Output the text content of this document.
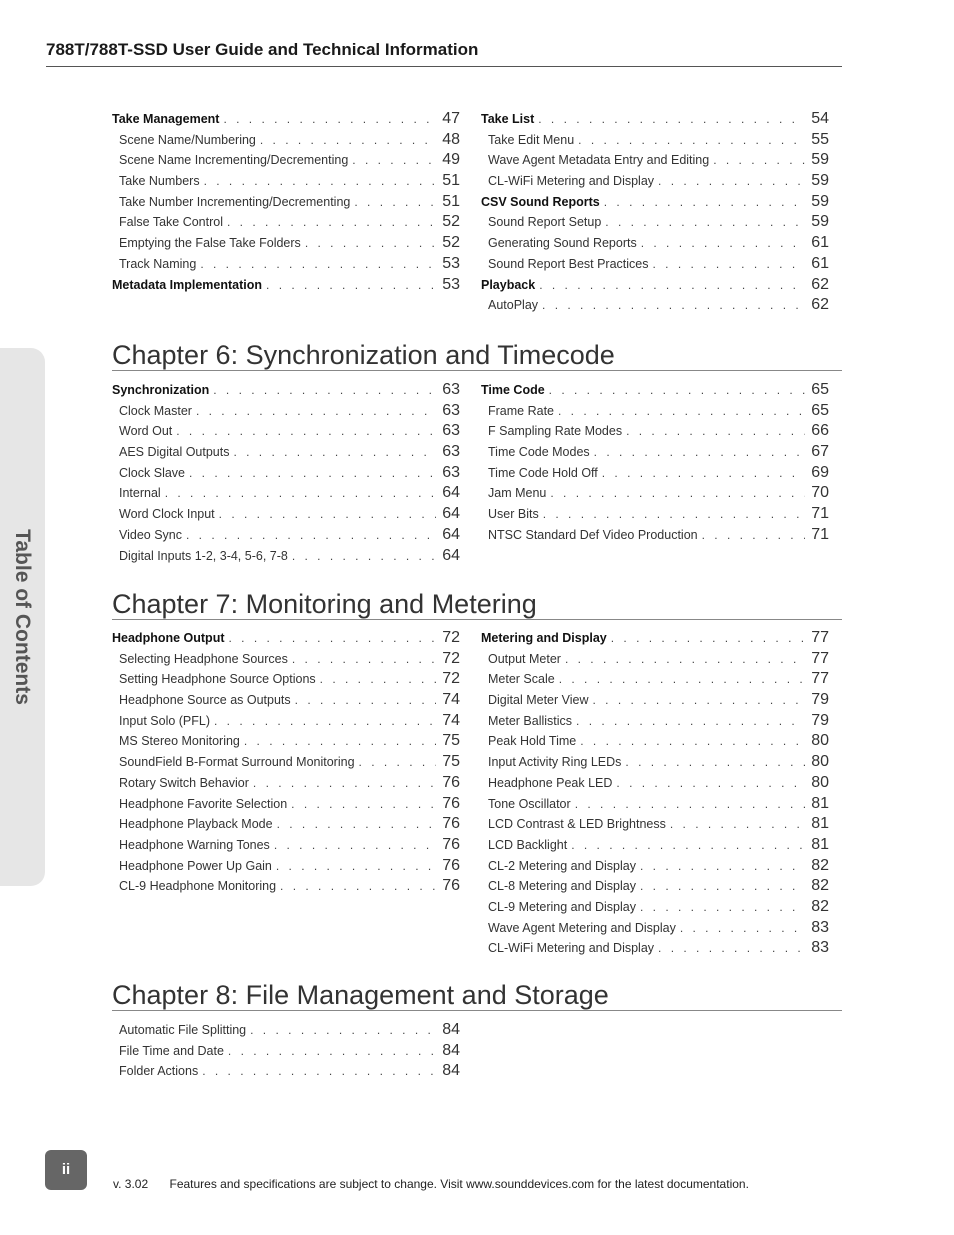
788T/788T-SSD User Guide and Technical Information
Table of Contents
Take Management . . .	47
Scene Name/Numbering . . .	48
Scene Name Incrementing/Decrementing . . .	49
Take Numbers . . .	51
Take Number Incrementing/Decrementing . . .	51
False Take Control . . .	52
Emptying the False Take Folders . . .	52
Track Naming . . .	53
Metadata Implementation . . .	53
Take List . . .	54
Take Edit Menu . . .	55
Wave Agent Metadata Entry and Editing . . .	59
CL-WiFi Metering and Display . . .	59
CSV Sound Reports . . .	59
Sound Report Setup . . .	59
Generating Sound Reports . . .	61
Sound Report Best Practices . . .	61
Playback . . .	62
AutoPlay . . .	62
Chapter 6: Synchronization and Timecode
Synchronization . . .	63
Clock Master . . .	63
Word Out . . .	63
AES Digital Outputs . . .	63
Clock Slave . . .	63
Internal . . .	64
Word Clock Input . . .	64
Video Sync . . .	64
Digital Inputs 1-2, 3-4, 5-6, 7-8 . . .	64
Time Code . . .	65
Frame Rate . . .	65
F Sampling Rate Modes . . .	66
Time Code Modes . . .	67
Time Code Hold Off . . .	69
Jam Menu . . .	70
User Bits . . .	71
NTSC Standard Def Video Production . . .	71
Chapter 7: Monitoring and Metering
Headphone Output . . .	72
Selecting Headphone Sources . . .	72
Setting Headphone Source Options . . .	72
Headphone Source as Outputs . . .	74
Input Solo (PFL) . . .	74
MS Stereo Monitoring . . .	75
SoundField B-Format Surround Monitoring . . .	75
Rotary Switch Behavior . . .	76
Headphone Favorite Selection . . .	76
Headphone Playback Mode . . .	76
Headphone Warning Tones . . .	76
Headphone Power Up Gain . . .	76
CL-9 Headphone Monitoring . . .	76
Metering and Display . . .	77
Output Meter . . .	77
Meter Scale . . .	77
Digital Meter View . . .	79
Meter Ballistics . . .	79
Peak Hold Time . . .	80
Input Activity Ring LEDs . . .	80
Headphone Peak LED . . .	80
Tone Oscillator . . .	81
LCD Contrast & LED Brightness . . .	81
LCD Backlight . . .	81
CL-2 Metering and Display . . .	82
CL-8 Metering and Display . . .	82
CL-9 Metering and Display . . .	82
Wave Agent Metering and Display . . .	83
CL-WiFi Metering and Display . . .	83
Chapter 8: File Management and Storage
Automatic File Splitting . . .	84
File Time and Date . . .	84
Folder Actions . . .	84
ii
v. 3.02 Features and specifications are subject to change. Visit www.sounddevices.com for the latest documentation.
